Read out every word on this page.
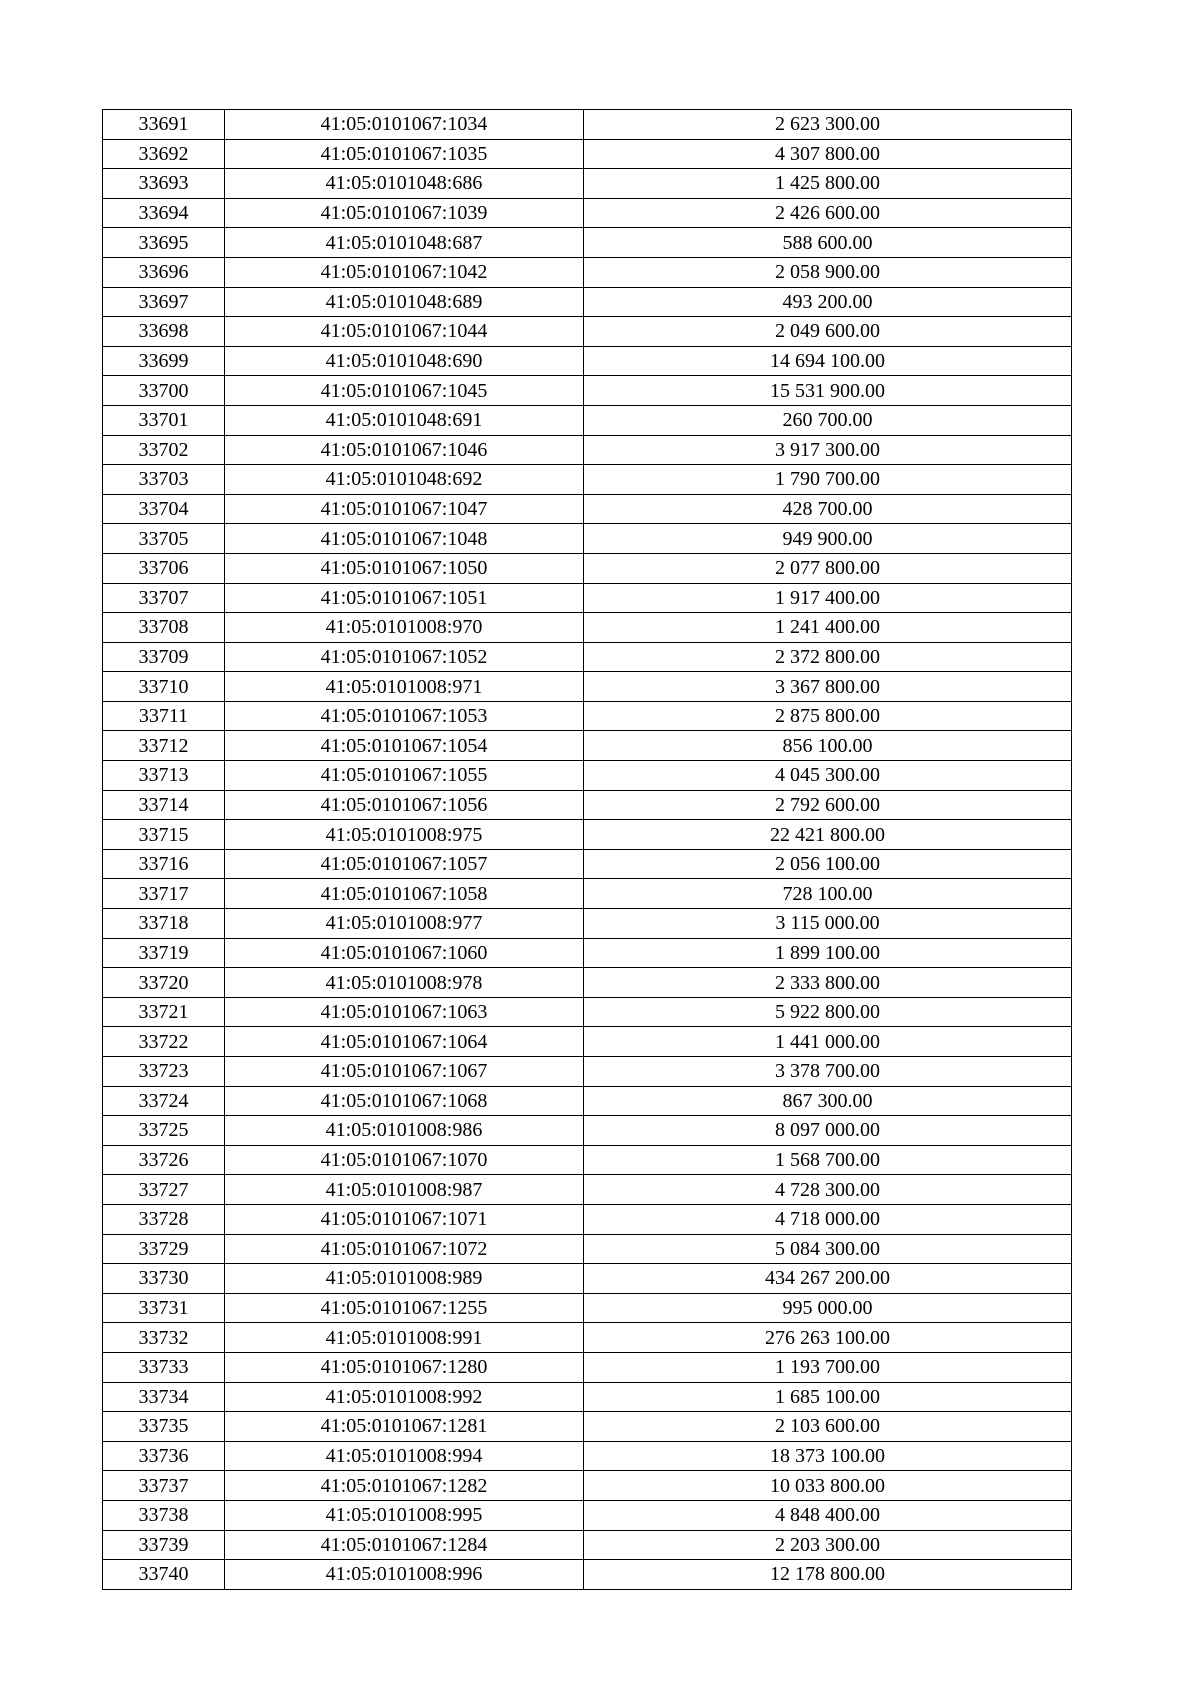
33691	41:05:0101067:1034	2 623 300.00
33692	41:05:0101067:1035	4 307 800.00
33693	41:05:0101048:686	1 425 800.00
33694	41:05:0101067:1039	2 426 600.00
33695	41:05:0101048:687	588 600.00
33696	41:05:0101067:1042	2 058 900.00
33697	41:05:0101048:689	493 200.00
33698	41:05:0101067:1044	2 049 600.00
33699	41:05:0101048:690	14 694 100.00
33700	41:05:0101067:1045	15 531 900.00
33701	41:05:0101048:691	260 700.00
33702	41:05:0101067:1046	3 917 300.00
33703	41:05:0101048:692	1 790 700.00
33704	41:05:0101067:1047	428 700.00
33705	41:05:0101067:1048	949 900.00
33706	41:05:0101067:1050	2 077 800.00
33707	41:05:0101067:1051	1 917 400.00
33708	41:05:0101008:970	1 241 400.00
33709	41:05:0101067:1052	2 372 800.00
33710	41:05:0101008:971	3 367 800.00
33711	41:05:0101067:1053	2 875 800.00
33712	41:05:0101067:1054	856 100.00
33713	41:05:0101067:1055	4 045 300.00
33714	41:05:0101067:1056	2 792 600.00
33715	41:05:0101008:975	22 421 800.00
33716	41:05:0101067:1057	2 056 100.00
33717	41:05:0101067:1058	728 100.00
33718	41:05:0101008:977	3 115 000.00
33719	41:05:0101067:1060	1 899 100.00
33720	41:05:0101008:978	2 333 800.00
33721	41:05:0101067:1063	5 922 800.00
33722	41:05:0101067:1064	1 441 000.00
33723	41:05:0101067:1067	3 378 700.00
33724	41:05:0101067:1068	867 300.00
33725	41:05:0101008:986	8 097 000.00
33726	41:05:0101067:1070	1 568 700.00
33727	41:05:0101008:987	4 728 300.00
33728	41:05:0101067:1071	4 718 000.00
33729	41:05:0101067:1072	5 084 300.00
33730	41:05:0101008:989	434 267 200.00
33731	41:05:0101067:1255	995 000.00
33732	41:05:0101008:991	276 263 100.00
33733	41:05:0101067:1280	1 193 700.00
33734	41:05:0101008:992	1 685 100.00
33735	41:05:0101067:1281	2 103 600.00
33736	41:05:0101008:994	18 373 100.00
33737	41:05:0101067:1282	10 033 800.00
33738	41:05:0101008:995	4 848 400.00
33739	41:05:0101067:1284	2 203 300.00
33740	41:05:0101008:996	12 178 800.00
